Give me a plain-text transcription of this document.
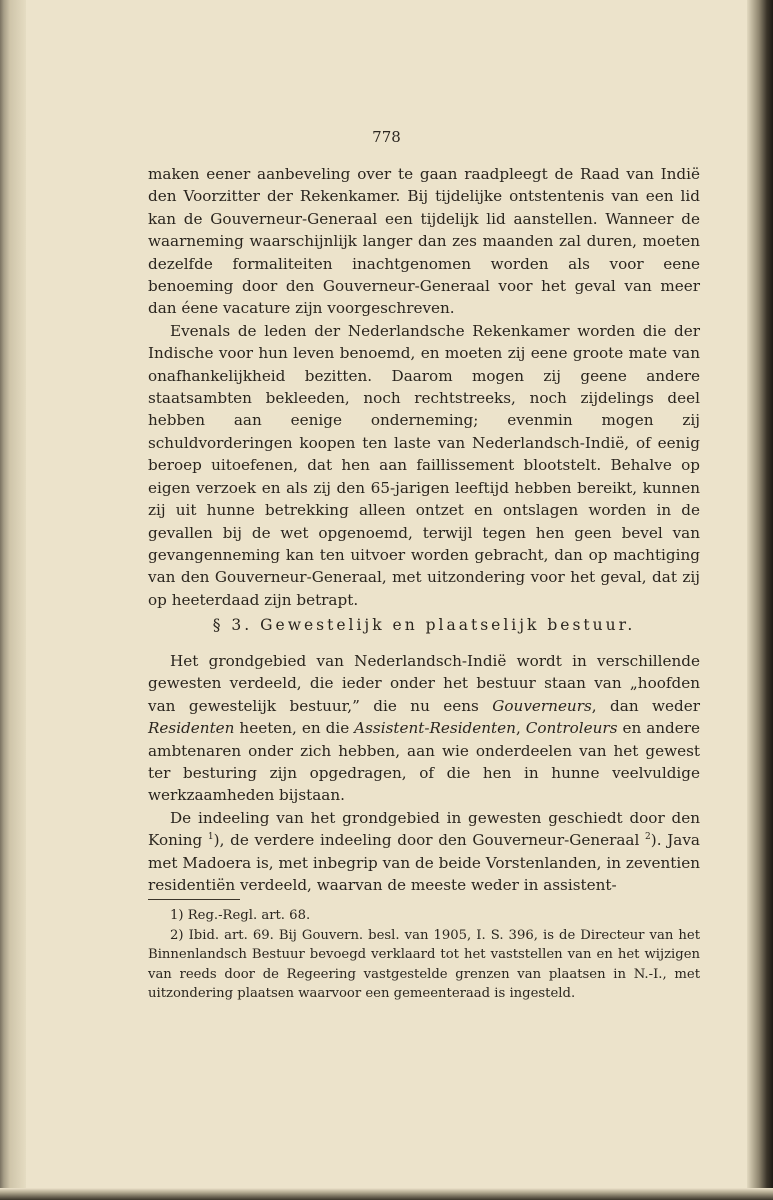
778

maken eener aanbeveling over te gaan raadpleegt de Raad van Indië den Voorzitter der Rekenkamer. Bij tijdelijke ontstentenis van een lid kan de Gouverneur-Generaal een tijdelijk lid aanstellen. Wanneer de waarneming waarschijnlijk langer dan zes maanden zal duren, moeten dezelfde formaliteiten inachtgenomen worden als voor eene benoeming door den Gouverneur-Generaal voor het geval van meer dan éene vacature zijn voorgeschreven.

Evenals de leden der Nederlandsche Rekenkamer worden die der Indische voor hun leven benoemd, en moeten zij eene groote mate van onafhankelijkheid bezitten. Daarom mogen zij geene andere staatsambten bekleeden, noch rechtstreeks, noch zijdelings deel hebben aan eenige onderneming; evenmin mogen zij schuldvorderingen koopen ten laste van Nederlandsch-Indië, of eenig beroep uitoefenen, dat hen aan faillissement blootstelt. Behalve op eigen verzoek en als zij den 65-jarigen leeftijd hebben bereikt, kunnen zij uit hunne betrekking alleen ontzet en ontslagen worden in de gevallen bij de wet opgenoemd, terwijl tegen hen geen bevel van gevangenneming kan ten uitvoer worden gebracht, dan op machtiging van den Gouverneur-Generaal, met uitzondering voor het geval, dat zij op heeterdaad zijn betrapt.

§ 3. Gewestelijk en plaatselijk bestuur.

Het grondgebied van Nederlandsch-Indië wordt in verschillende gewesten verdeeld, die ieder onder het bestuur staan van „hoofden van gewestelijk bestuur,” die nu eens Gouverneurs, dan weder Residenten heeten, en die Assistent-Residenten, Controleurs en andere ambtenaren onder zich hebben, aan wie onderdeelen van het gewest ter besturing zijn opgedragen, of die hen in hunne veelvuldige werkzaamheden bijstaan.

De indeeling van het grondgebied in gewesten geschiedt door den Koning $^1$), de verdere indeeling door den Gouverneur-Generaal $^2$). Java met Madoera is, met inbegrip van de beide Vorstenlanden, in zeventien residentiën verdeeld, waarvan de meeste weder in assistent-

1) Reg.-Regl. art. 68.

2) Ibid. art. 69. Bij Gouvern. besl. van 1905, I. S. 396, is de Directeur van het Binnenlandsch Bestuur bevoegd verklaard tot het vaststellen van en het wijzigen van reeds door de Regeering vastgestelde grenzen van plaatsen in N.-I., met uitzondering plaatsen waarvoor een gemeenteraad is ingesteld.
